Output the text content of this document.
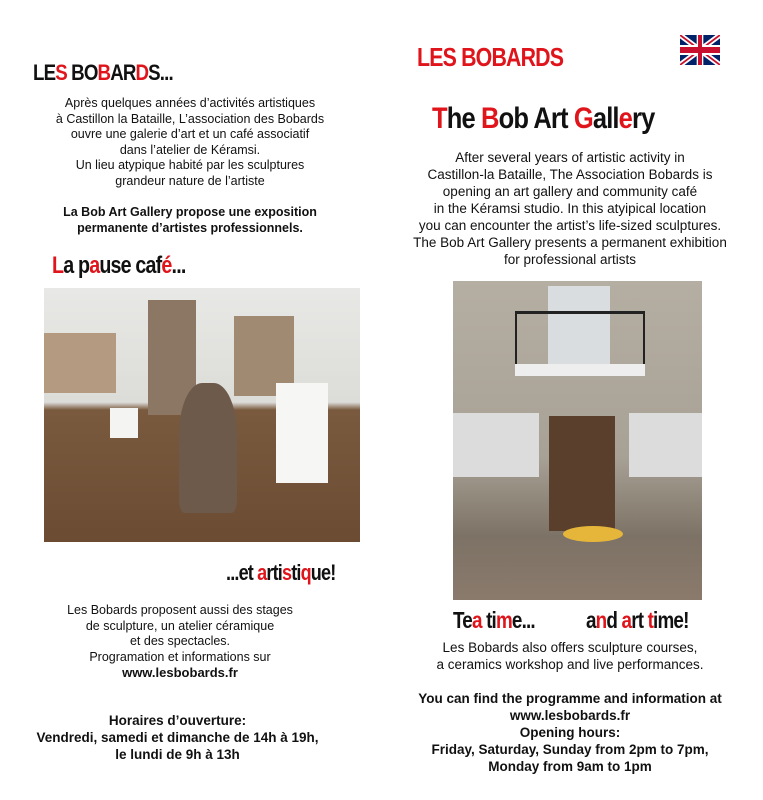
LES BOBARDS...
Après quelques années d’activités artistiques
à Castillon la Bataille, L’association des Bobards
ouvre une galerie d’art et un café associatif
dans l’atelier de Kéramsi.
Un lieu atypique habité par les sculptures
grandeur nature de l’artiste
La Bob Art Gallery propose une exposition
permanente d’artistes professionnels.
La pause café...
...et artistique!
Les Bobards proposent aussi des stages
de sculpture, un atelier céramique
et des spectacles.
Programation et informations sur
www.lesbobards.fr
Horaires d’ouverture:
Vendredi, samedi et dimanche de 14h à 19h,
le lundi de 9h à 13h
LES BOBARDS
The Bob Art Gallery
After several years of artistic activity in
Castillon-la Bataille, The Association Bobards is
opening an art gallery and community café
in the Kéramsi studio. In this atyipical location
you can encounter the artist’s life-sized sculptures.
The Bob Art Gallery presents a permanent exhibition
for professional artists
Tea time... and art time!
Les Bobards also offers sculpture courses,
a ceramics workshop and live performances.
You can find the programme and information at
www.lesbobards.fr
Opening hours:
Friday, Saturday, Sunday from 2pm to 7pm,
Monday from 9am to 1pm
